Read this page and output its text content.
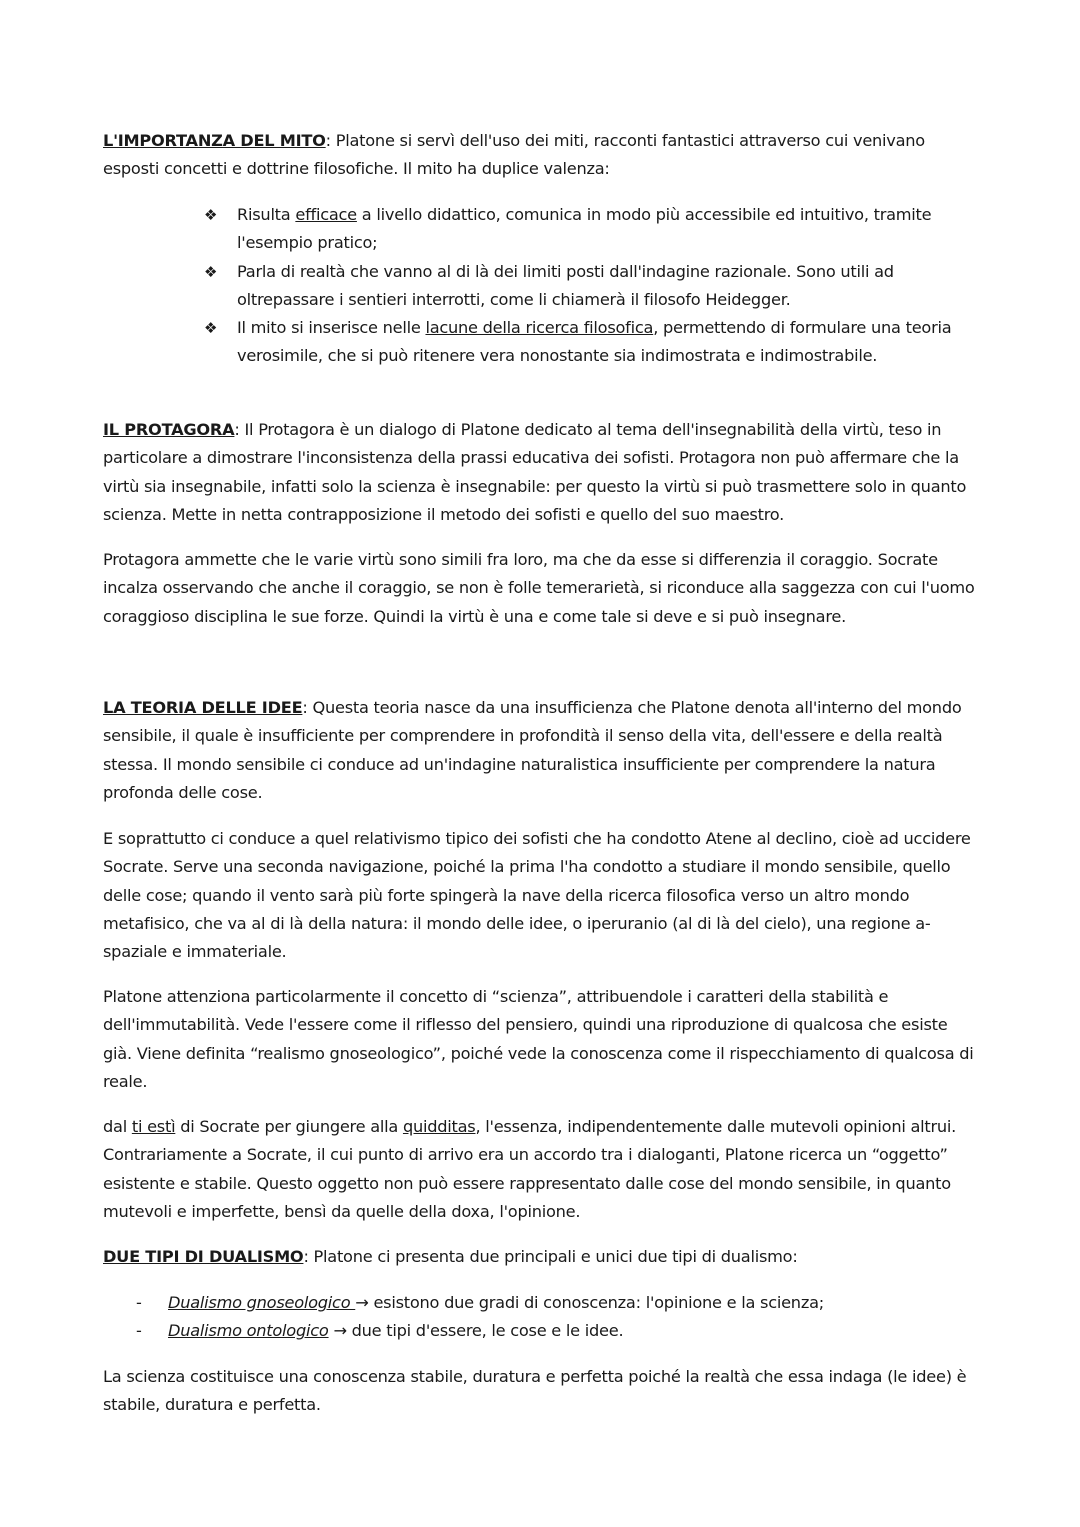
L'IMPORTANZA DEL MITO: Platone si servì dell'uso dei miti, racconti fantastici attraverso cui venivano esposti concetti e dottrine filosofiche. Il mito ha duplice valenza:

❖ Risulta efficace a livello didattico, comunica in modo più accessibile ed intuitivo, tramite l'esempio pratico;
❖ Parla di realtà che vanno al di là dei limiti posti dall'indagine razionale. Sono utili ad oltrepassare i sentieri interrotti, come li chiamerà il filosofo Heidegger.
❖ Il mito si inserisce nelle lacune della ricerca filosofica, permettendo di formulare una teoria verosimile, che si può ritenere vera nonostante sia indimostrata e indimostrabile.

IL PROTAGORA: Il Protagora è un dialogo di Platone dedicato al tema dell'insegnabilità della virtù, teso in particolare a dimostrare l'inconsistenza della prassi educativa dei sofisti. Protagora non può affermare che la virtù sia insegnabile, infatti solo la scienza è insegnabile: per questo la virtù si può trasmettere solo in quanto scienza. Mette in netta contrapposizione il metodo dei sofisti e quello del suo maestro.

Protagora ammette che le varie virtù sono simili fra loro, ma che da esse si differenzia il coraggio. Socrate incalza osservando che anche il coraggio, se non è folle temerarietà, si riconduce alla saggezza con cui l'uomo coraggioso disciplina le sue forze. Quindi la virtù è una e come tale si deve e si può insegnare.

LA TEORIA DELLE IDEE: Questa teoria nasce da una insufficienza che Platone denota all'interno del mondo sensibile, il quale è insufficiente per comprendere in profondità il senso della vita, dell'essere e della realtà stessa. Il mondo sensibile ci conduce ad un'indagine naturalistica insufficiente per comprendere la natura profonda delle cose.

E soprattutto ci conduce a quel relativismo tipico dei sofisti che ha condotto Atene al declino, cioè ad uccidere Socrate. Serve una seconda navigazione, poiché la prima l'ha condotto a studiare il mondo sensibile, quello delle cose; quando il vento sarà più forte spingerà la nave della ricerca filosofica verso un altro mondo metafisico, che va al di là della natura: il mondo delle idee, o iperuranio (al di là del cielo), una regione a-spaziale e immateriale.

Platone attenziona particolarmente il concetto di “scienza”, attribuendole i caratteri della stabilità e dell'immutabilità. Vede l'essere come il riflesso del pensiero, quindi una riproduzione di qualcosa che esiste già. Viene definita “realismo gnoseologico”, poiché vede la conoscenza come il rispecchiamento di qualcosa di reale.

dal ti estì di Socrate per giungere alla quidditas, l'essenza, indipendentemente dalle mutevoli opinioni altrui. Contrariamente a Socrate, il cui punto di arrivo era un accordo tra i dialoganti, Platone ricerca un “oggetto” esistente e stabile. Questo oggetto non può essere rappresentato dalle cose del mondo sensibile, in quanto mutevoli e imperfette, bensì da quelle della doxa, l'opinione.

DUE TIPI DI DUALISMO: Platone ci presenta due principali e unici due tipi di dualismo:

- Dualismo gnoseologico → esistono due gradi di conoscenza: l'opinione e la scienza;
- Dualismo ontologico → due tipi d'essere, le cose e le idee.

La scienza costituisce una conoscenza stabile, duratura e perfetta poiché la realtà che essa indaga (le idee) è stabile, duratura e perfetta.
